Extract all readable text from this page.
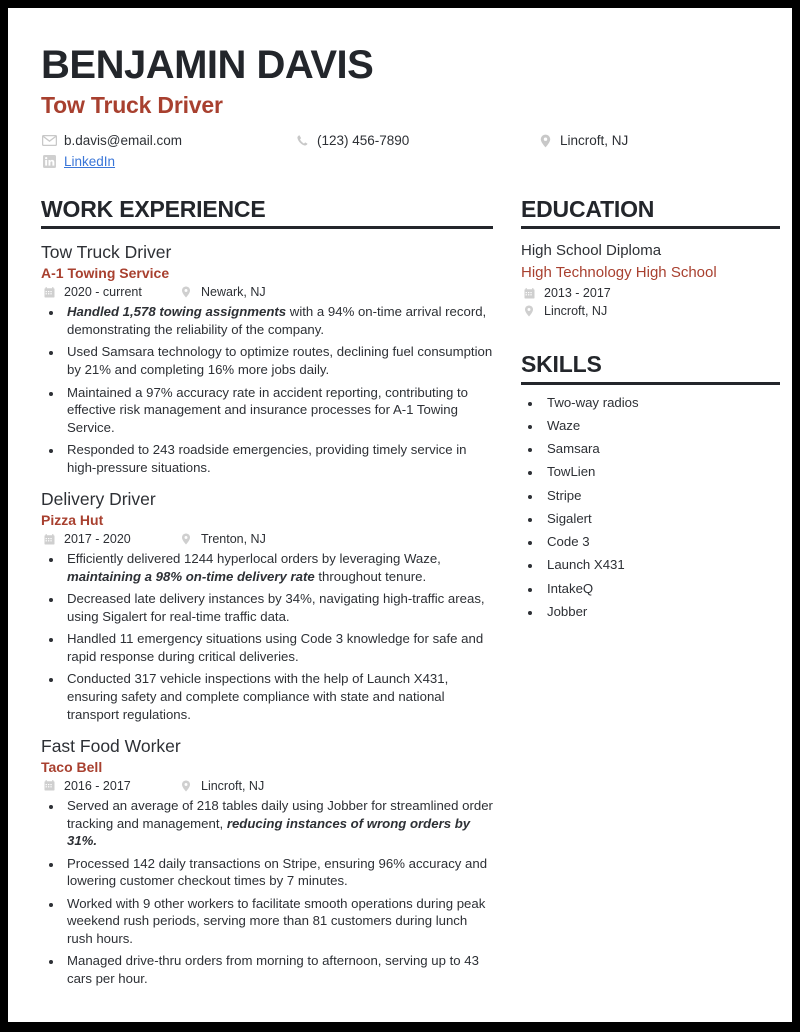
BENJAMIN DAVIS
Tow Truck Driver
b.davis@email.com	(123) 456-7890	Lincroft, NJ
LinkedIn
WORK EXPERIENCE
Tow Truck Driver
A-1 Towing Service
2020 - current	Newark, NJ
• Handled 1,578 towing assignments with a 94% on-time arrival record, demonstrating the reliability of the company.
• Used Samsara technology to optimize routes, declining fuel consumption by 21% and completing 16% more jobs daily.
• Maintained a 97% accuracy rate in accident reporting, contributing to effective risk management and insurance processes for A-1 Towing Service.
• Responded to 243 roadside emergencies, providing timely service in high-pressure situations.
Delivery Driver
Pizza Hut
2017 - 2020	Trenton, NJ
• Efficiently delivered 1244 hyperlocal orders by leveraging Waze, maintaining a 98% on-time delivery rate throughout tenure.
• Decreased late delivery instances by 34%, navigating high-traffic areas, using Sigalert for real-time traffic data.
• Handled 11 emergency situations using Code 3 knowledge for safe and rapid response during critical deliveries.
• Conducted 317 vehicle inspections with the help of Launch X431, ensuring safety and complete compliance with state and national transport regulations.
Fast Food Worker
Taco Bell
2016 - 2017	Lincroft, NJ
• Served an average of 218 tables daily using Jobber for streamlined order tracking and management, reducing instances of wrong orders by 31%.
• Processed 142 daily transactions on Stripe, ensuring 96% accuracy and lowering customer checkout times by 7 minutes.
• Worked with 9 other workers to facilitate smooth operations during peak weekend rush periods, serving more than 81 customers during lunch rush hours.
• Managed drive-thru orders from morning to afternoon, serving up to 43 cars per hour.
EDUCATION
High School Diploma
High Technology High School
2013 - 2017
Lincroft, NJ
SKILLS
• Two-way radios
• Waze
• Samsara
• TowLien
• Stripe
• Sigalert
• Code 3
• Launch X431
• IntakeQ
• Jobber
